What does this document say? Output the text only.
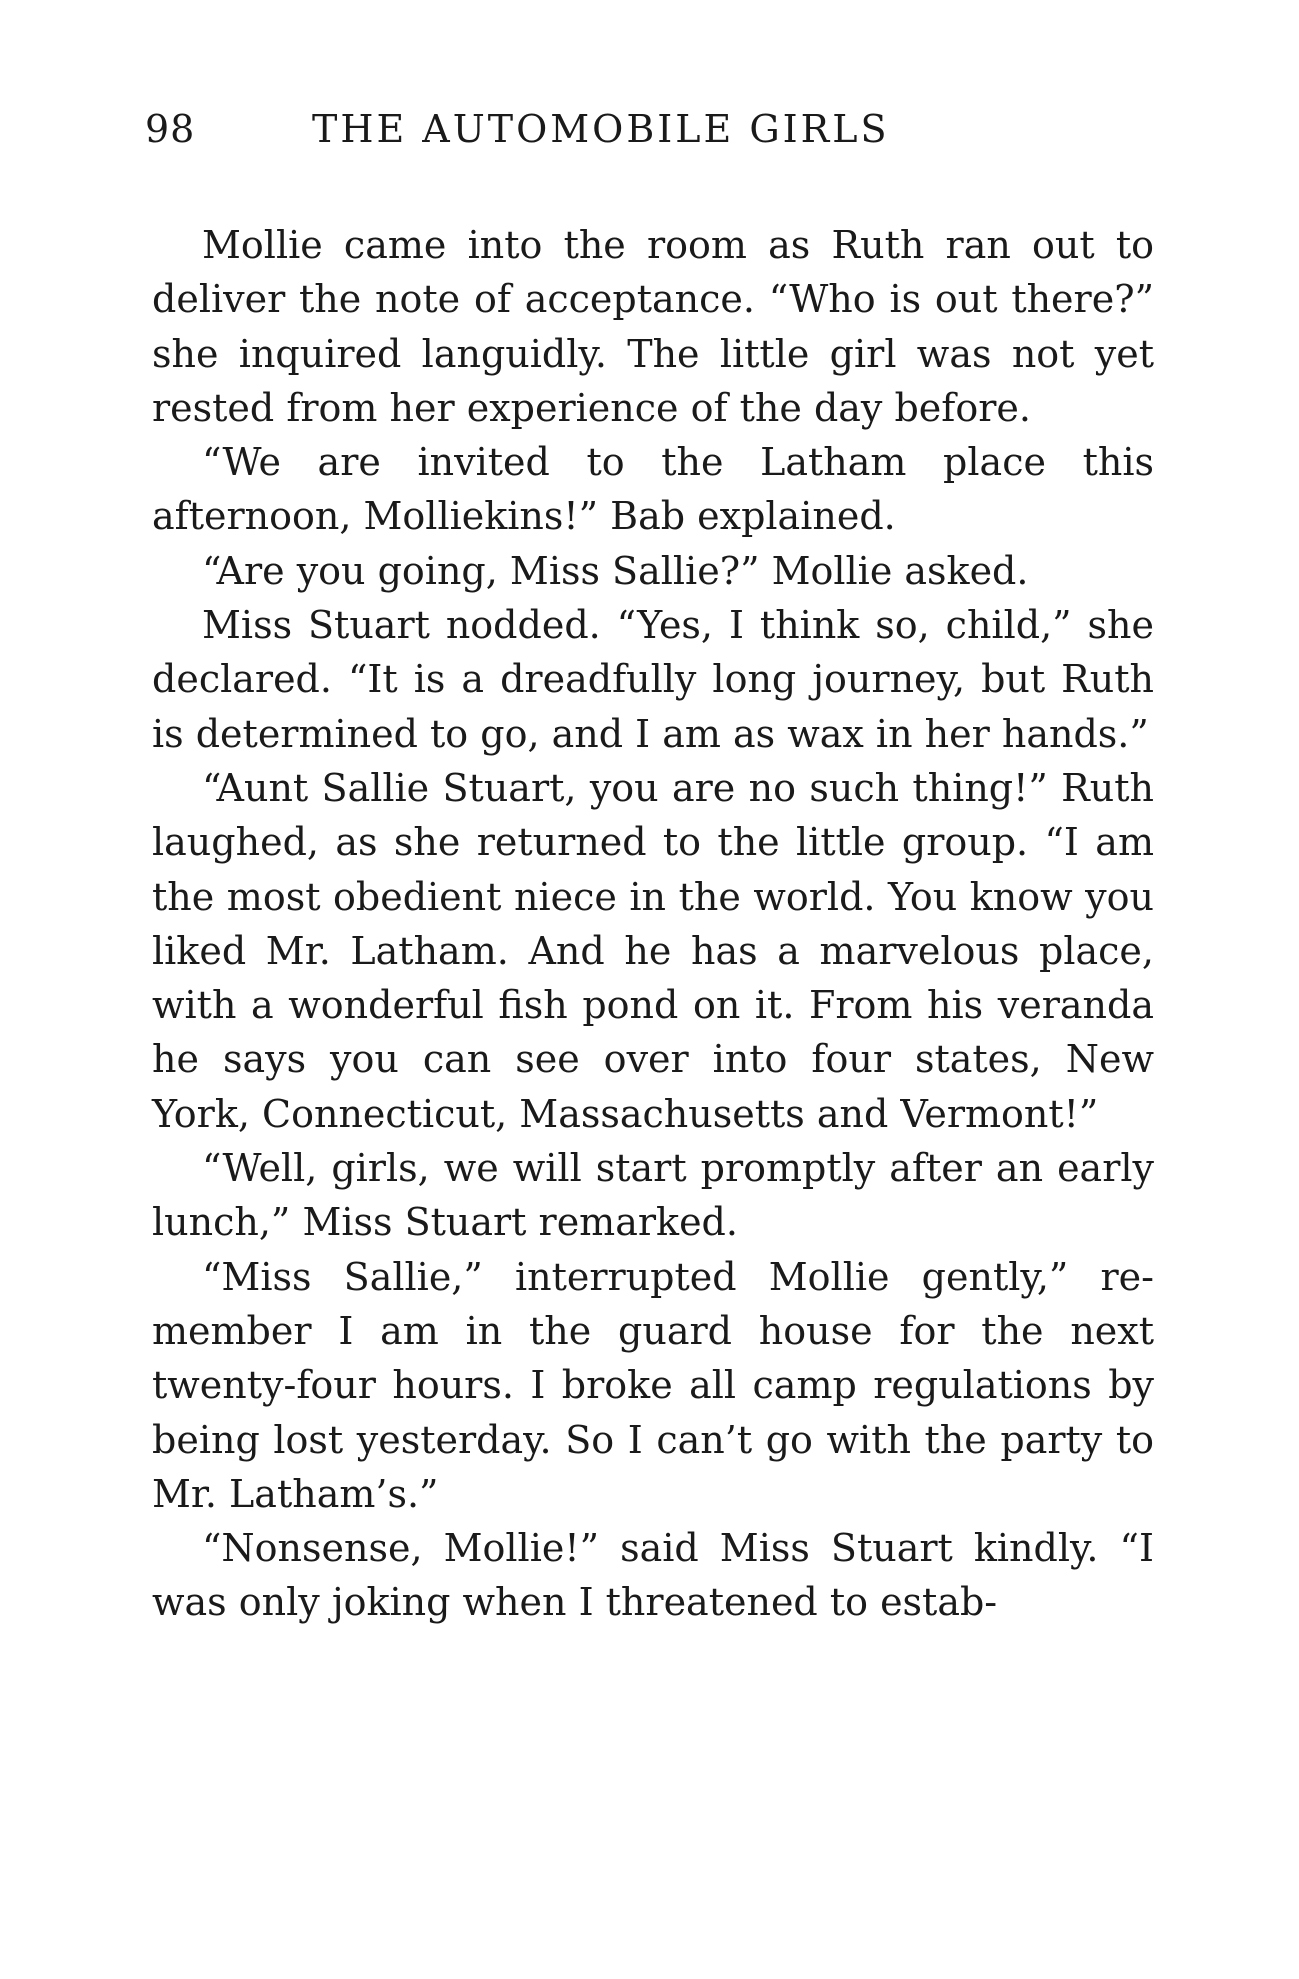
98	THE AUTOMOBILE GIRLS

Mollie came into the room as Ruth ran out to deliver the note of acceptance. “Who is out there?” she inquired languidly. The little girl was not yet rested from her experience of the day before.

“We are invited to the Latham place this afternoon, Molliekins!” Bab explained.

“Are you going, Miss Sallie?” Mollie asked.

Miss Stuart nodded. “Yes, I think so, child,” she declared. “It is a dreadfully long journey, but Ruth is determined to go, and I am as wax in her hands.”

“Aunt Sallie Stuart, you are no such thing!” Ruth laughed, as she returned to the little group. “I am the most obedient niece in the world. You know you liked Mr. Latham. And he has a marvelous place, with a wonderful fish pond on it. From his veranda he says you can see over into four states, New York, Connecticut, Massachusetts and Vermont!”

“Well, girls, we will start promptly after an early lunch,” Miss Stuart remarked.

“Miss Sallie,” interrupted Mollie gently,” remember I am in the guard house for the next twenty-four hours. I broke all camp regulations by being lost yesterday. So I can’t go with the party to Mr. Latham’s.”

“Nonsense, Mollie!” said Miss Stuart kindly. “I was only joking when I threatened to estab-
